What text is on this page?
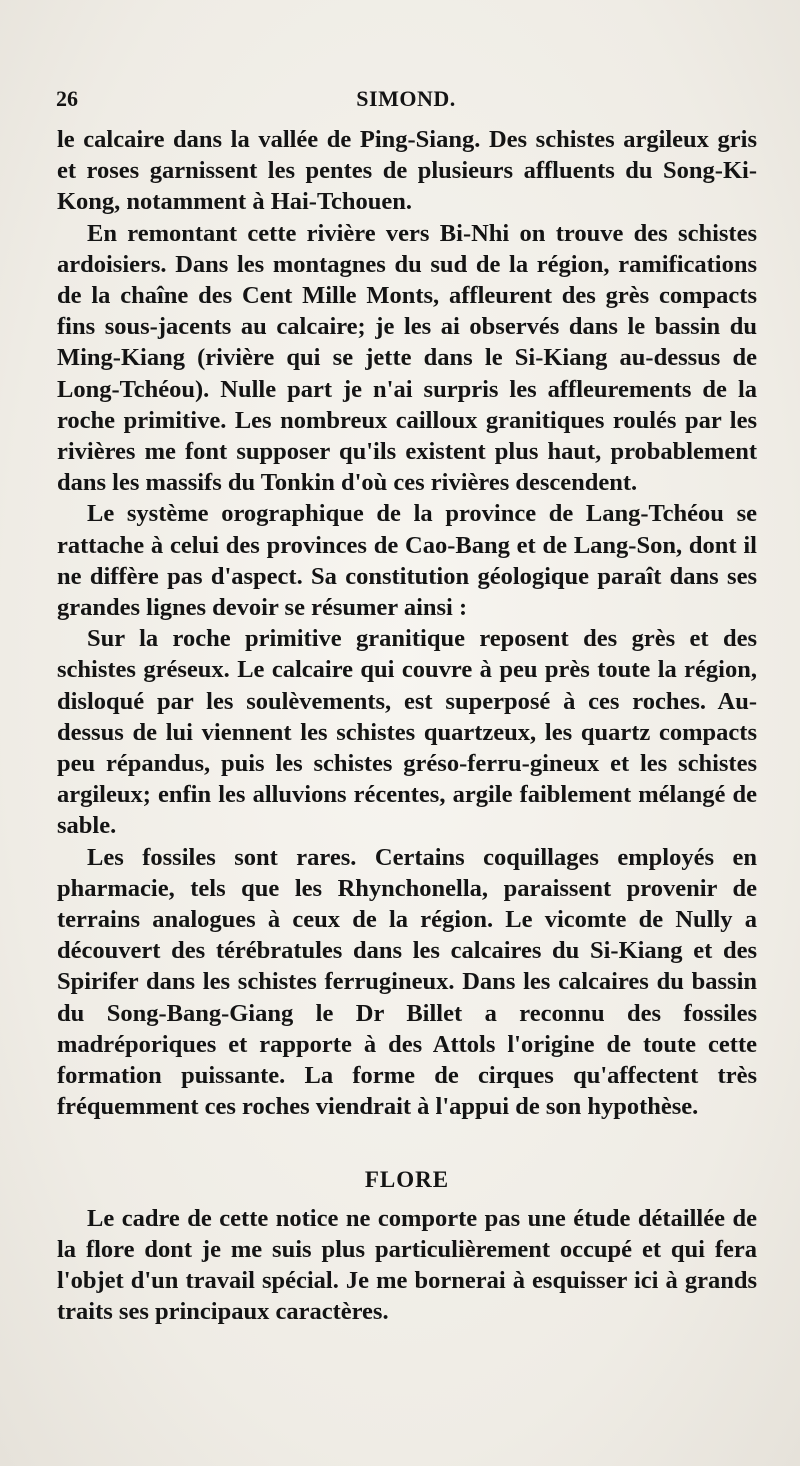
26	SIMOND.

le calcaire dans la vallée de Ping-Siang. Des schistes argileux gris et roses garnissent les pentes de plusieurs affluents du Song-Ki-Kong, notamment à Hai-Tchouen.

En remontant cette rivière vers Bi-Nhi on trouve des schistes ardoisiers. Dans les montagnes du sud de la région, ramifications de la chaîne des Cent Mille Monts, affleurent des grès compacts fins sous-jacents au calcaire; je les ai observés dans le bassin du Ming-Kiang (rivière qui se jette dans le Si-Kiang au-dessus de Long-Tchéou). Nulle part je n'ai surpris les affleurements de la roche primitive. Les nombreux cailloux granitiques roulés par les rivières me font supposer qu'ils existent plus haut, probablement dans les massifs du Tonkin d'où ces rivières descendent.

Le système orographique de la province de Lang-Tchéou se rattache à celui des provinces de Cao-Bang et de Lang-Son, dont il ne diffère pas d'aspect. Sa constitution géologique paraît dans ses grandes lignes devoir se résumer ainsi :

Sur la roche primitive granitique reposent des grès et des schistes gréseux. Le calcaire qui couvre à peu près toute la région, disloqué par les soulèvements, est superposé à ces roches. Au-dessus de lui viennent les schistes quartzeux, les quartz compacts peu répandus, puis les schistes gréso-ferru-gineux et les schistes argileux; enfin les alluvions récentes, argile faiblement mélangé de sable.

Les fossiles sont rares. Certains coquillages employés en pharmacie, tels que les Rhynchonella, paraissent provenir de terrains analogues à ceux de la région. Le vicomte de Nully a découvert des térébratules dans les calcaires du Si-Kiang et des Spirifer dans les schistes ferrugineux. Dans les calcaires du bassin du Song-Bang-Giang le Dr Billet a reconnu des fossiles madréporiques et rapporte à des Attols l'origine de toute cette formation puissante. La forme de cirques qu'affectent très fréquemment ces roches viendrait à l'appui de son hypothèse.

FLORE

Le cadre de cette notice ne comporte pas une étude détaillée de la flore dont je me suis plus particulièrement occupé et qui fera l'objet d'un travail spécial. Je me bornerai à esquisser ici à grands traits ses principaux caractères.
